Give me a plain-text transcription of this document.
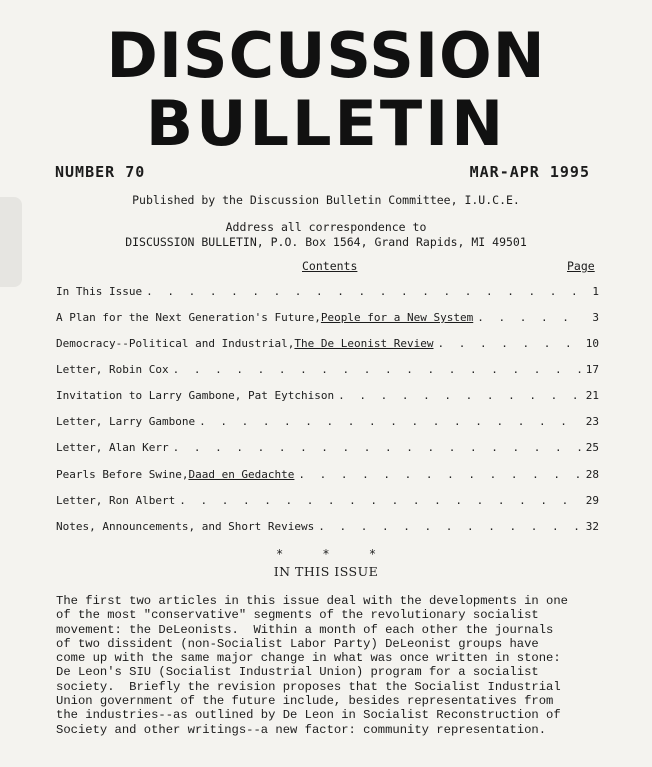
DISCUSSION
BULLETIN
NUMBER 70	MAR-APR 1995
Published by the Discussion Bulletin Committee, I.U.C.E.
Address all correspondence to
DISCUSSION BULLETIN, P.O. Box 1564, Grand Rapids, MI 49501
Contents	Page
In This Issue . . .	1
A Plan for the Next Generation's Future, People for a New System . . .	3
Democracy--Political and Industrial, The De Leonist Review . . .	10
Letter, Robin Cox . . .	17
Invitation to Larry Gambone, Pat Eytchison . . .	21
Letter, Larry Gambone . . .	23
Letter, Alan Kerr . . .	25
Pearls Before Swine, Daad en Gedachte . . .	28
Letter, Ron Albert . . .	29
Notes, Announcements, and Short Reviews . . .	32
* * *
IN THIS ISSUE

The first two articles in this issue deal with the developments in one
of the most "conservative" segments of the revolutionary socialist
movement: the DeLeonists.  Within a month of each other the journals
of two dissident (non-Socialist Labor Party) DeLeonist groups have
come up with the same major change in what was once written in stone:
De Leon's SIU (Socialist Industrial Union) program for a socialist
society.  Briefly the revision proposes that the Socialist Industrial
Union government of the future include, besides representatives from
the industries--as outlined by De Leon in Socialist Reconstruction of
Society and other writings--a new factor: community representation.
